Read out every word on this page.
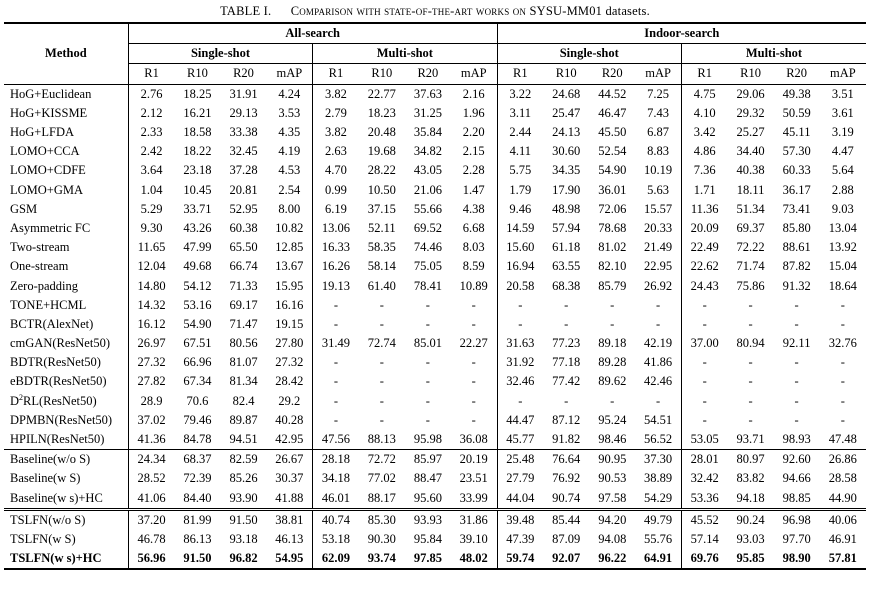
TABLE I. Comparison with state-of-the-art works on SYSU-MM01 datasets.
Method	All-search								Indoor-search							
	Single-shot				Multi-shot				Single-shot				Multi-shot			
	R1	R10	R20	mAP	R1	R10	R20	mAP	R1	R10	R20	mAP	R1	R10	R20	mAP
HoG+Euclidean	2.76	18.25	31.91	4.24	3.82	22.77	37.63	2.16	3.22	24.68	44.52	7.25	4.75	29.06	49.38	3.51
HoG+KISSME	2.12	16.21	29.13	3.53	2.79	18.23	31.25	1.96	3.11	25.47	46.47	7.43	4.10	29.32	50.59	3.61
HoG+LFDA	2.33	18.58	33.38	4.35	3.82	20.48	35.84	2.20	2.44	24.13	45.50	6.87	3.42	25.27	45.11	3.19
LOMO+CCA	2.42	18.22	32.45	4.19	2.63	19.68	34.82	2.15	4.11	30.60	52.54	8.83	4.86	34.40	57.30	4.47
LOMO+CDFE	3.64	23.18	37.28	4.53	4.70	28.22	43.05	2.28	5.75	34.35	54.90	10.19	7.36	40.38	60.33	5.64
LOMO+GMA	1.04	10.45	20.81	2.54	0.99	10.50	21.06	1.47	1.79	17.90	36.01	5.63	1.71	18.11	36.17	2.88
GSM	5.29	33.71	52.95	8.00	6.19	37.15	55.66	4.38	9.46	48.98	72.06	15.57	11.36	51.34	73.41	9.03
Asymmetric FC	9.30	43.26	60.38	10.82	13.06	52.11	69.52	6.68	14.59	57.94	78.68	20.33	20.09	69.37	85.80	13.04
Two-stream	11.65	47.99	65.50	12.85	16.33	58.35	74.46	8.03	15.60	61.18	81.02	21.49	22.49	72.22	88.61	13.92
One-stream	12.04	49.68	66.74	13.67	16.26	58.14	75.05	8.59	16.94	63.55	82.10	22.95	22.62	71.74	87.82	15.04
Zero-padding	14.80	54.12	71.33	15.95	19.13	61.40	78.41	10.89	20.58	68.38	85.79	26.92	24.43	75.86	91.32	18.64
TONE+HCML	14.32	53.16	69.17	16.16	-	-	-	-	-	-	-	-	-	-	-	-
BCTR(AlexNet)	16.12	54.90	71.47	19.15	-	-	-	-	-	-	-	-	-	-	-	-
cmGAN(ResNet50)	26.97	67.51	80.56	27.80	31.49	72.74	85.01	22.27	31.63	77.23	89.18	42.19	37.00	80.94	92.11	32.76
BDTR(ResNet50)	27.32	66.96	81.07	27.32	-	-	-	-	31.92	77.18	89.28	41.86	-	-	-	-
eBDTR(ResNet50)	27.82	67.34	81.34	28.42	-	-	-	-	32.46	77.42	89.62	42.46	-	-	-	-
$D^2RL(ResNet50)$	28.9	70.6	82.4	29.2	-	-	-	-	-	-	-	-	-	-	-	-
DPMBN(ResNet50)	37.02	79.46	89.87	40.28	-	-	-	-	44.47	87.12	95.24	54.51	-	-	-	-
HPILN(ResNet50)	41.36	84.78	94.51	42.95	47.56	88.13	95.98	36.08	45.77	91.82	98.46	56.52	53.05	93.71	98.93	47.48
Baseline(w/o S)	24.34	68.37	82.59	26.67	28.18	72.72	85.97	20.19	25.48	76.64	90.95	37.30	28.01	80.97	92.60	26.86
Baseline(w S)	28.52	72.39	85.26	30.37	34.18	77.02	88.47	23.51	27.79	76.92	90.53	38.89	32.42	83.82	94.66	28.58
Baseline(w s)+HC	41.06	84.40	93.90	41.88	46.01	88.17	95.60	33.99	44.04	90.74	97.58	54.29	53.36	94.18	98.85	44.90
TSLFN(w/o S)	37.20	81.99	91.50	38.81	40.74	85.30	93.93	31.86	39.48	85.44	94.20	49.79	45.52	90.24	96.98	40.06
TSLFN(w S)	46.78	86.13	93.18	46.13	53.18	90.30	95.84	39.10	47.39	87.09	94.08	55.76	57.14	93.03	97.70	46.91
TSLFN(w s)+HC	56.96	91.50	96.82	54.95	62.09	93.74	97.85	48.02	59.74	92.07	96.22	64.91	69.76	95.85	98.90	57.81
